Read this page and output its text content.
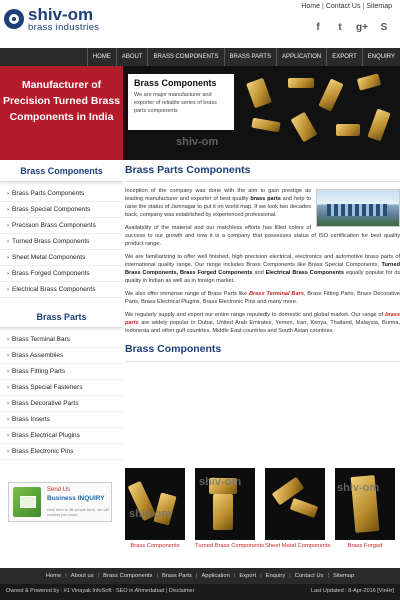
shiv-om
brass industries
Home | Contact Us | Sitemap
f	t	g+ S
HOME	ABOUT	BRASS COMPONENTS	BRASS PARTS	APPLICATION	EXPORT	ENQUIRY
Manufacturer of Precision Turned Brass Components in India
Brass Components

We are major manufacturer and exporter of reliable series of brass parts components

shiv-om
Brass Components
› Brass Parts Components
› Brass Special Components
› Precision Brass Components
› Turned Brass Components
› Sheet Metal Components
› Brass Forged Components
› Electrical Brass Components
Brass Parts
› Brass Terminal Bars
› Brass Assemblies
› Brass Fitting Parts
› Brass Special Fasteners
› Brass Decorative Parts
› Brass Inserts
› Brass Electrical Plugins
› Brass Electronic Pins
Send Us
Business INQUIRY
click here to fill simple form, we will contact you soon...
Brass Parts Components
Inception of the company was done with the aim to gain prestige as leading manufacturer and exporter of best quality brass parts and help to raise the status of Jamnagar to put it on world map. If we look two decades back, company was established by experienced professional.
Availability of the material and our matchless efforts has filled colors of success to our growth and now it is a company that possesses status of ISO certification for best quality product range.
We are familiarizing to offer well finished, high precision electrical, electronics and automotive brass parts of international quality range. Our range includes Brass Components like Brass Special Components, Turned Brass Components, Brass Forged Components and Electrical Brass Components equally popular for its quality in Indian as well as in foreign market.
We also offer immense range of Brass Parts like Brass Terminal Bars, Brass Fitting Parts, Brass Decorative Parts, Brass Electrical Plugins, Brass Electronic Pins and many more.
We regularly supply and export our entire range reputedly to domestic and global market. Our range of brass parts are widely popular in Dubai, United Arab Emirates, Yemen, Iran, Kenya, Thailand, Malaysia, Burma, Indonesia and other gulf countries, Middle East countries and South Asian countries.
Brass Components
shiv-om
Brass Components
shiv-om
Turned Brass Components Sheet Metal Components
shiv-om
Brass Forged
Home | About us | Brass Components | Brass Parts | Application | Export | Enquiry | Contact Us | Sitemap
Owned & Powered by : #1 Vinayak InfoSoft : SEO in Ahmedabad | Disclaimer	Last Updated : 8-Apr-2016 [VinHr]
